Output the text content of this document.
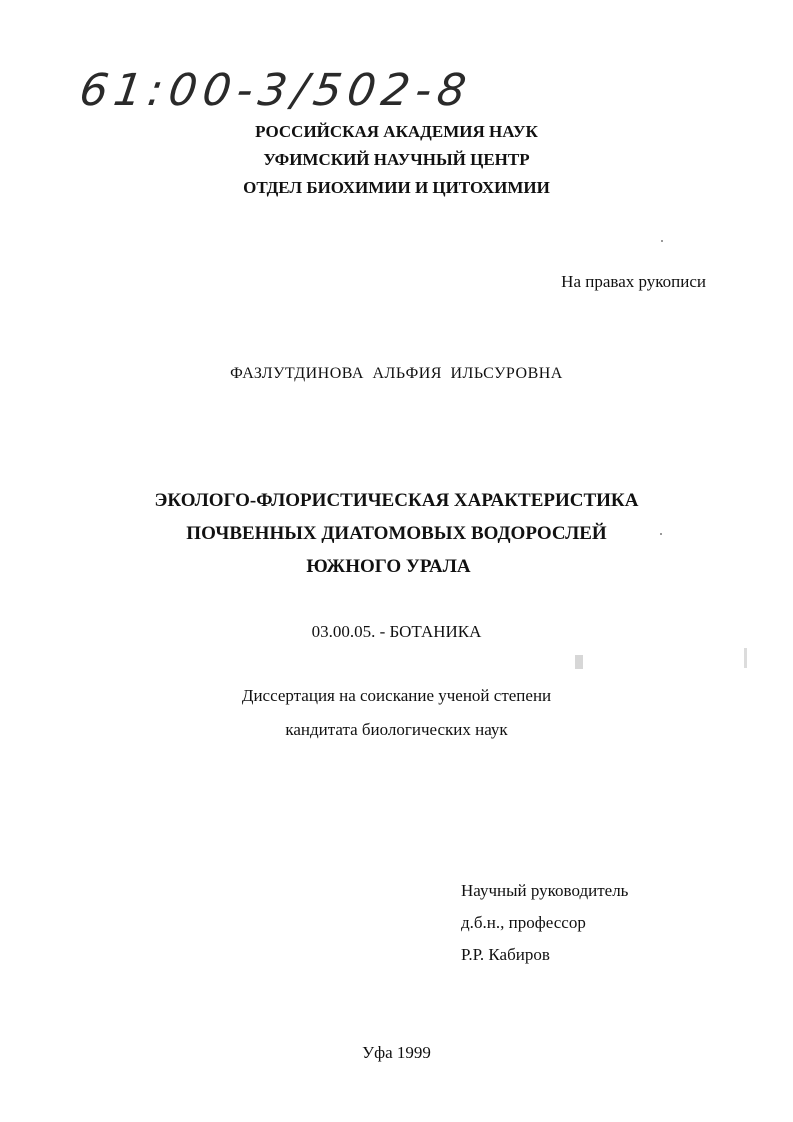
61:00-3/502-8
РОССИЙСКАЯ АКАДЕМИЯ НАУК
УФИМСКИЙ НАУЧНЫЙ ЦЕНТР
ОТДЕЛ БИОХИМИИ И ЦИТОХИМИИ
На правах рукописи
ФАЗЛУТДИНОВА АЛЬФИЯ ИЛЬСУРОВНА
ЭКОЛОГО-ФЛОРИСТИЧЕСКАЯ ХАРАКТЕРИСТИКА
ПОЧВЕННЫХ ДИАТОМОВЫХ ВОДОРОСЛЕЙ
ЮЖНОГО УРАЛА
03.00.05. - БОТАНИКА
Диссертация на соискание ученой степени
кандитата биологических наук
Научный руководитель
д.б.н., профессор
Р.Р. Кабиров
Уфа 1999
